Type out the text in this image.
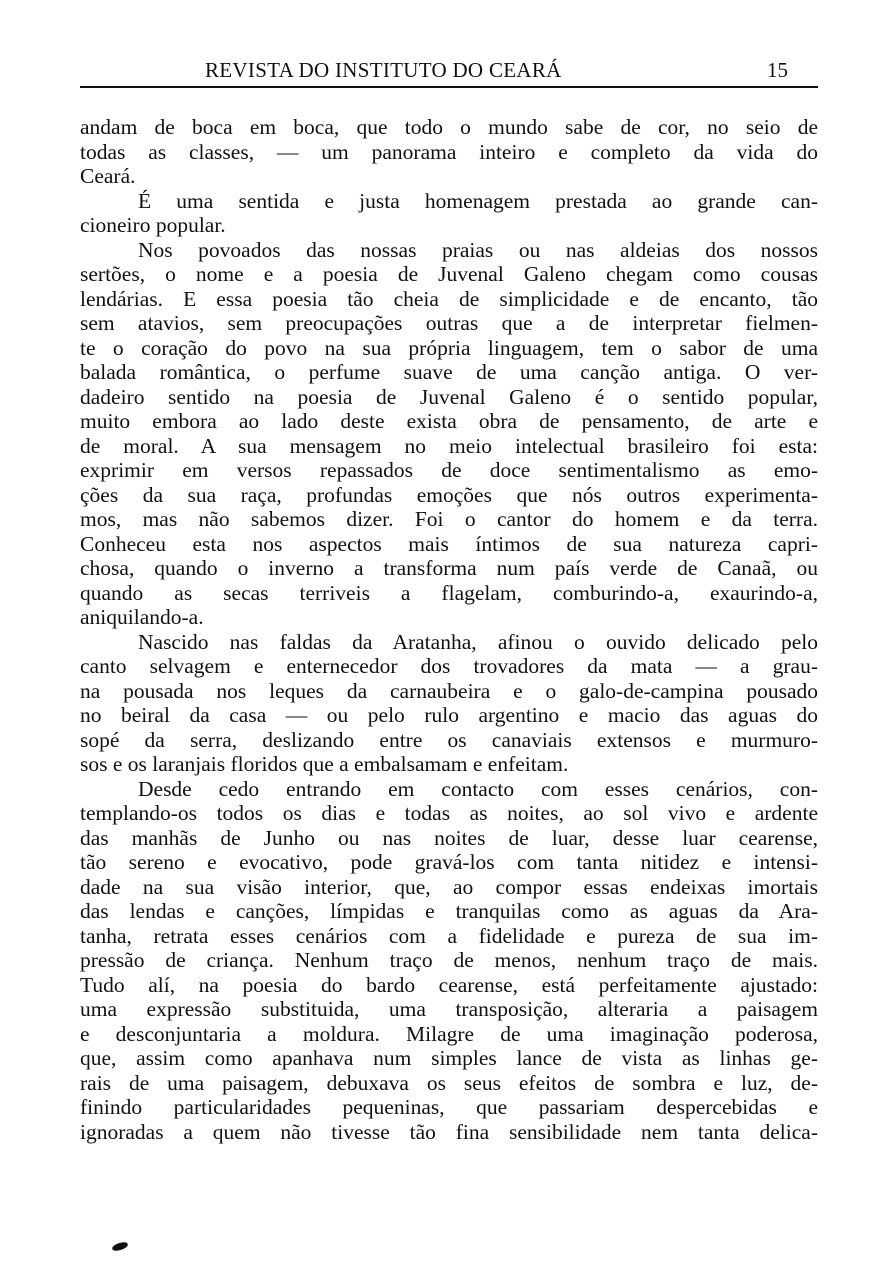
REVISTA DO INSTITUTO DO CEARÁ	15
andam de boca em boca, que todo o mundo sabe de cor, no seio de
todas as classes, — um panorama inteiro e completo da vida do
Ceará.
É uma sentida e justa homenagem prestada ao grande can-
cioneiro popular.
Nos povoados das nossas praias ou nas aldeias dos nossos
sertões, o nome e a poesia de Juvenal Galeno chegam como cousas
lendárias. E essa poesia tão cheia de simplicidade e de encanto, tão
sem atavios, sem preocupações outras que a de interpretar fielmen-
te o coração do povo na sua própria linguagem, tem o sabor de uma
balada romântica, o perfume suave de uma canção antiga. O ver-
dadeiro sentido na poesia de Juvenal Galeno é o sentido popular,
muito embora ao lado deste exista obra de pensamento, de arte e
de moral. A sua mensagem no meio intelectual brasileiro foi esta:
exprimir em versos repassados de doce sentimentalismo as emo-
ções da sua raça, profundas emoções que nós outros experimenta-
mos, mas não sabemos dizer. Foi o cantor do homem e da terra.
Conheceu esta nos aspectos mais íntimos de sua natureza capri-
chosa, quando o inverno a transforma num país verde de Canaã, ou
quando as secas terriveis a flagelam, comburindo-a, exaurindo-a,
aniquilando-a.
Nascido nas faldas da Aratanha, afinou o ouvido delicado pelo
canto selvagem e enternecedor dos trovadores da mata — a grau-
na pousada nos leques da carnaubeira e o galo-de-campina pousado
no beiral da casa — ou pelo rulo argentino e macio das aguas do
sopé da serra, deslizando entre os canaviais extensos e murmuro-
sos e os laranjais floridos que a embalsamam e enfeitam.
Desde cedo entrando em contacto com esses cenários, con-
templando-os todos os dias e todas as noites, ao sol vivo e ardente
das manhãs de Junho ou nas noites de luar, desse luar cearense,
tão sereno e evocativo, pode gravá-los com tanta nitidez e intensi-
dade na sua visão interior, que, ao compor essas endeixas imortais
das lendas e canções, límpidas e tranquilas como as aguas da Ara-
tanha, retrata esses cenários com a fidelidade e pureza de sua im-
pressão de criança. Nenhum traço de menos, nenhum traço de mais.
Tudo alí, na poesia do bardo cearense, está perfeitamente ajustado:
uma expressão substituida, uma transposição, alteraria a paisagem
e desconjuntaria a moldura. Milagre de uma imaginação poderosa,
que, assim como apanhava num simples lance de vista as linhas ge-
rais de uma paisagem, debuxava os seus efeitos de sombra e luz, de-
finindo particularidades pequeninas, que passariam despercebidas e
ignoradas a quem não tivesse tão fina sensibilidade nem tanta delica-
